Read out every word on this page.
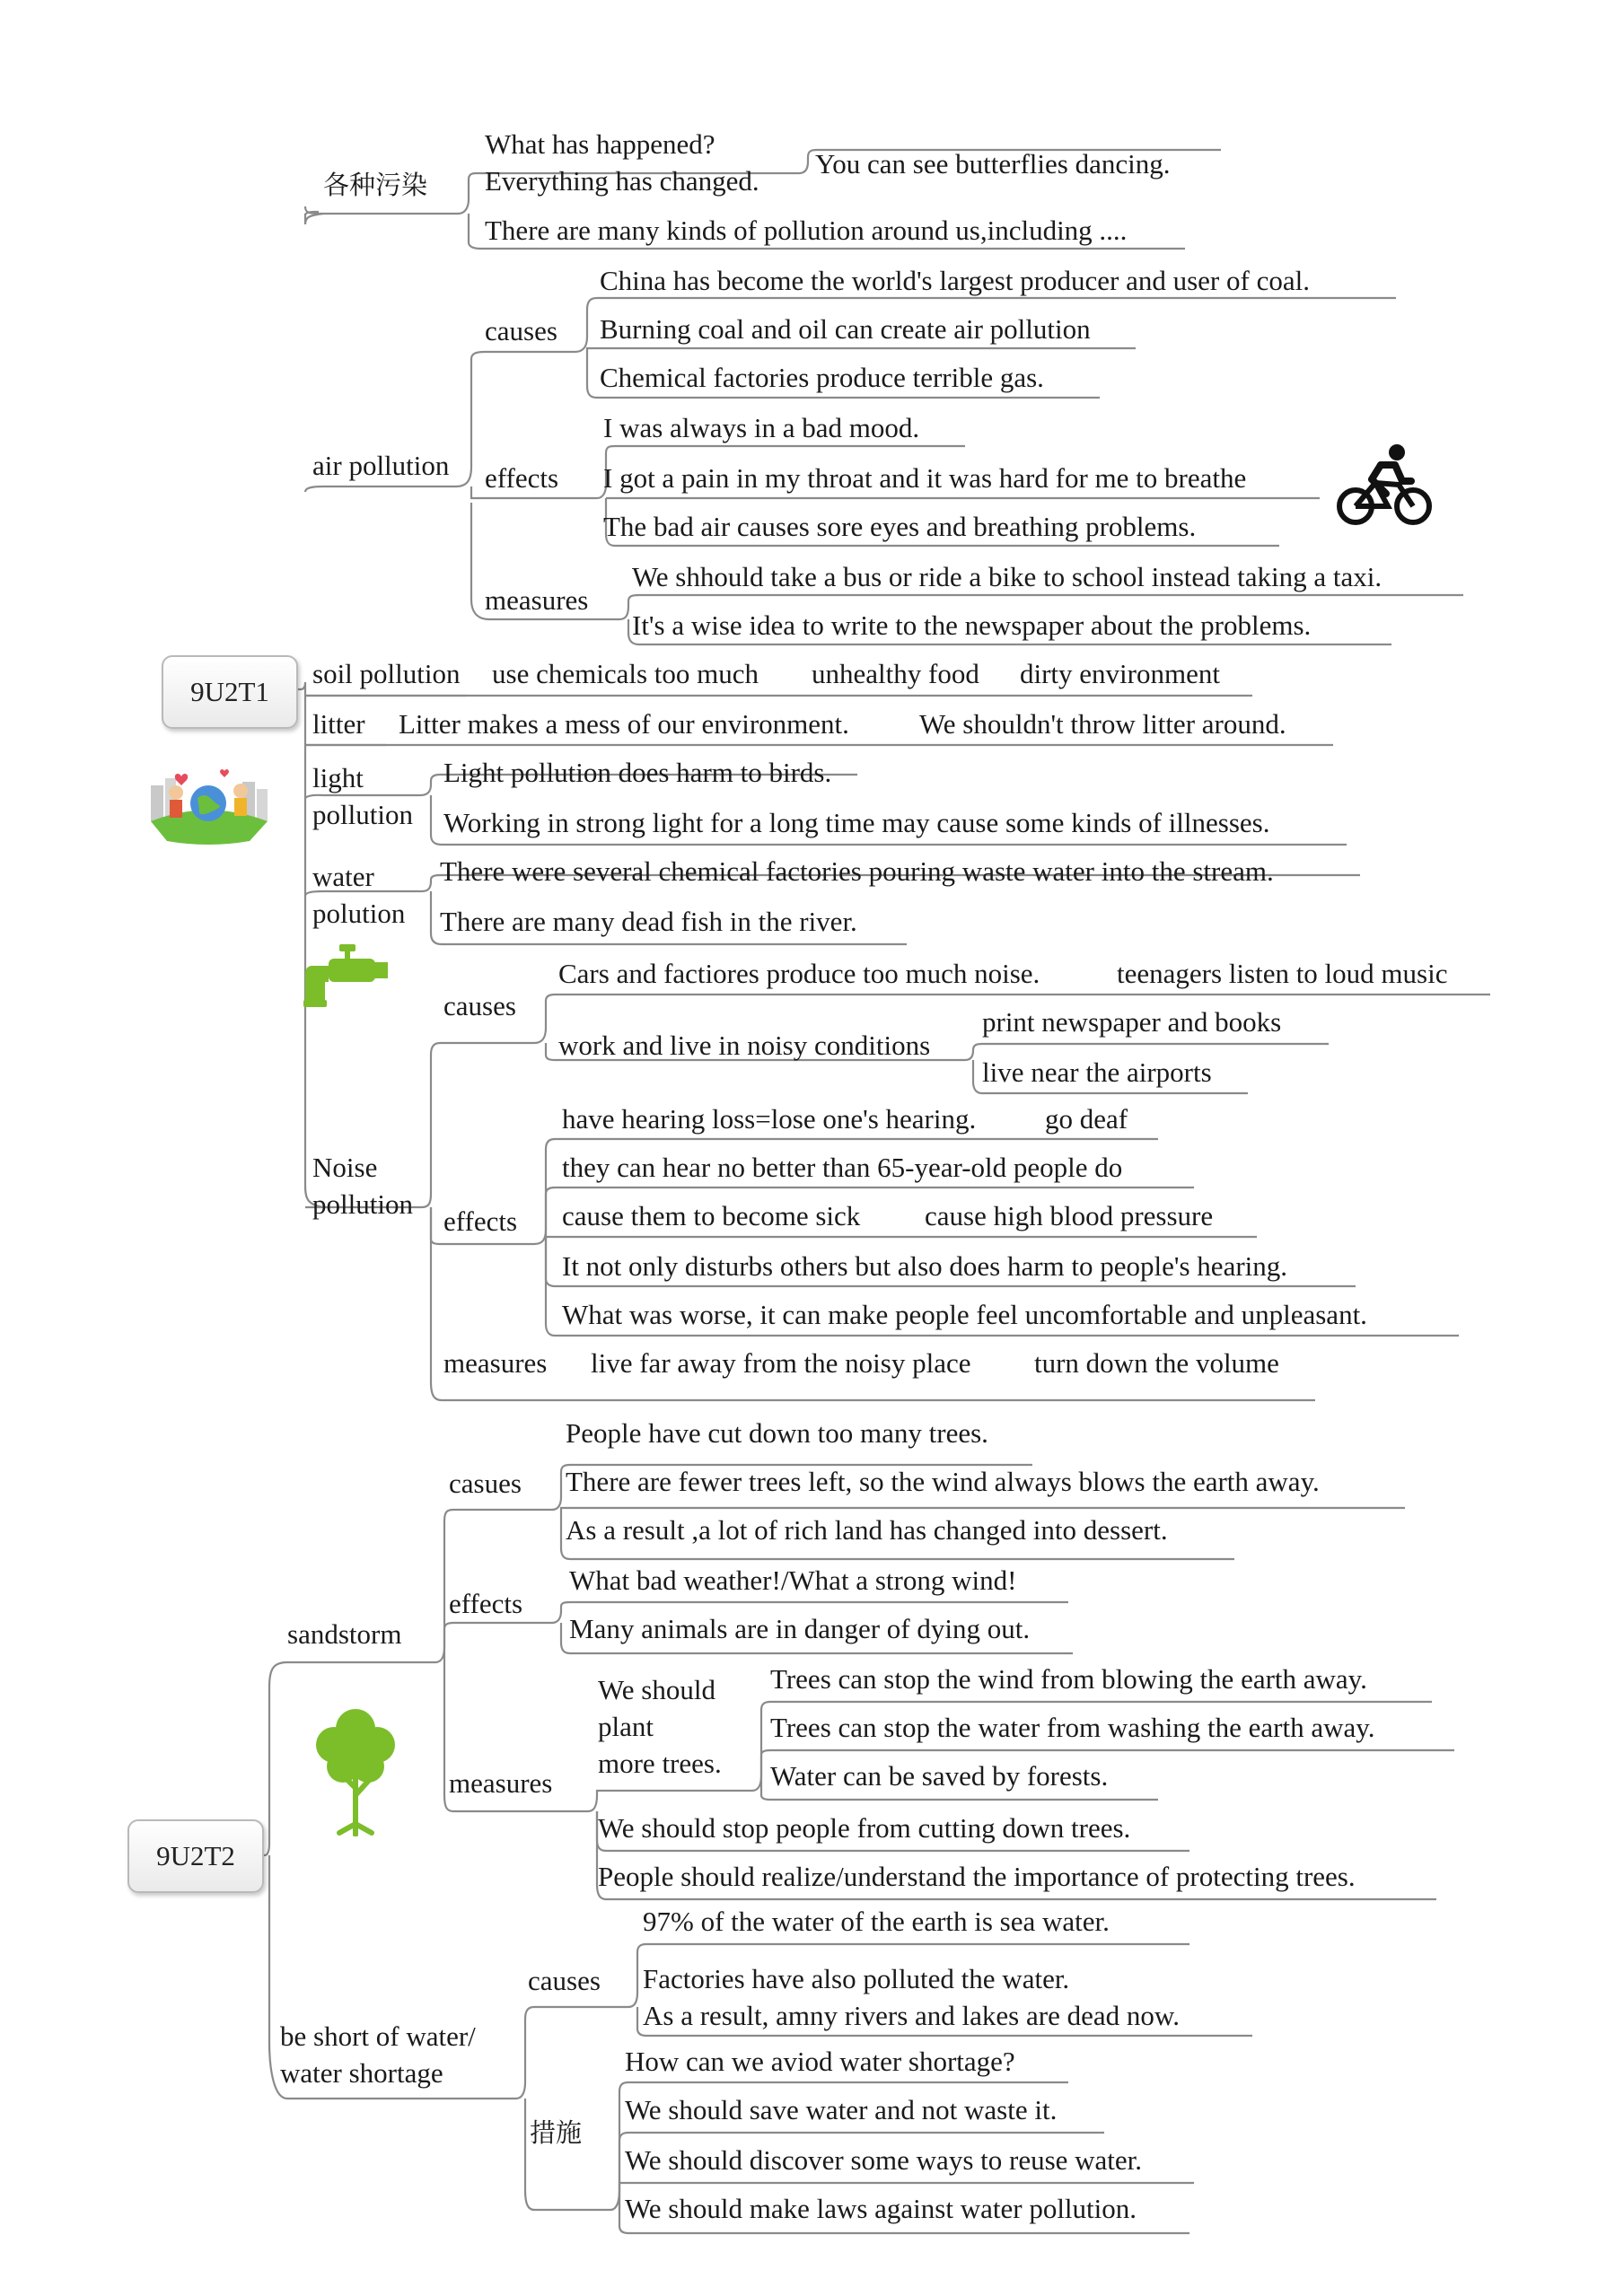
9U2T1
各种污染
What has happened?
Everything has changed.
You can see butterflies dancing.
There are many kinds of pollution around us,including ....
air pollution
causes
China has become the world's largest producer and user of coal.
Burning coal and oil can create air pollution
Chemical factories produce terrible gas.
effects
I was always in a bad mood.
I got a pain in my throat and it was hard for me to breathe
The bad air causes sore eyes and breathing problems.
measures
We shhould take a bus or ride a bike to school instead taking a taxi.
It's a wise idea to write to the newspaper about the problems.
soil pollution use chemicals too much unhealthy food dirty environment
litter Litter makes a mess of our environment.	We shouldn't throw litter around.
light
pollution
Light pollution does harm to birds.
Working in strong light for a long time may cause some kinds of illnesses.
water
polution
There were several chemical factories pouring waste water into the stream.
There are many dead fish in the river.
Noise
pollution
causes
Cars and factiores produce too much noise.	teenagers listen to loud music
work and live in noisy conditions
print newspaper and books
live near the airports
effects
have hearing loss=lose one's hearing. go deaf
they can hear no better than 65-year-old people do
cause them to become sick cause high blood pressure
It not only disturbs others but also does harm to people's hearing.
What was worse, it can make people feel uncomfortable and unpleasant.
measures live far away from the noisy place turn down the volume
9U2T2
sandstorm
casues
People have cut down too many trees.
There are fewer trees left, so the wind always blows the earth away.
As a result ,a lot of rich land has changed into dessert.
effects
What bad weather!/What a strong wind!
Many animals are in danger of dying out.
measures
We should
plant
more trees.
Trees can stop the wind from blowing the earth away.
Trees can stop the water from washing the earth away.
Water can be saved by forests.
We should stop people from cutting down trees.
People should realize/understand the importance of protecting trees.
be short of water/
water shortage
causes
97% of the water of the earth is sea water.
Factories have also polluted the water.
As a result, amny rivers and lakes are dead now.
措施
How can we aviod water shortage?
We should save water and not waste it.
We should discover some ways to reuse water.
We should make laws against water pollution.
